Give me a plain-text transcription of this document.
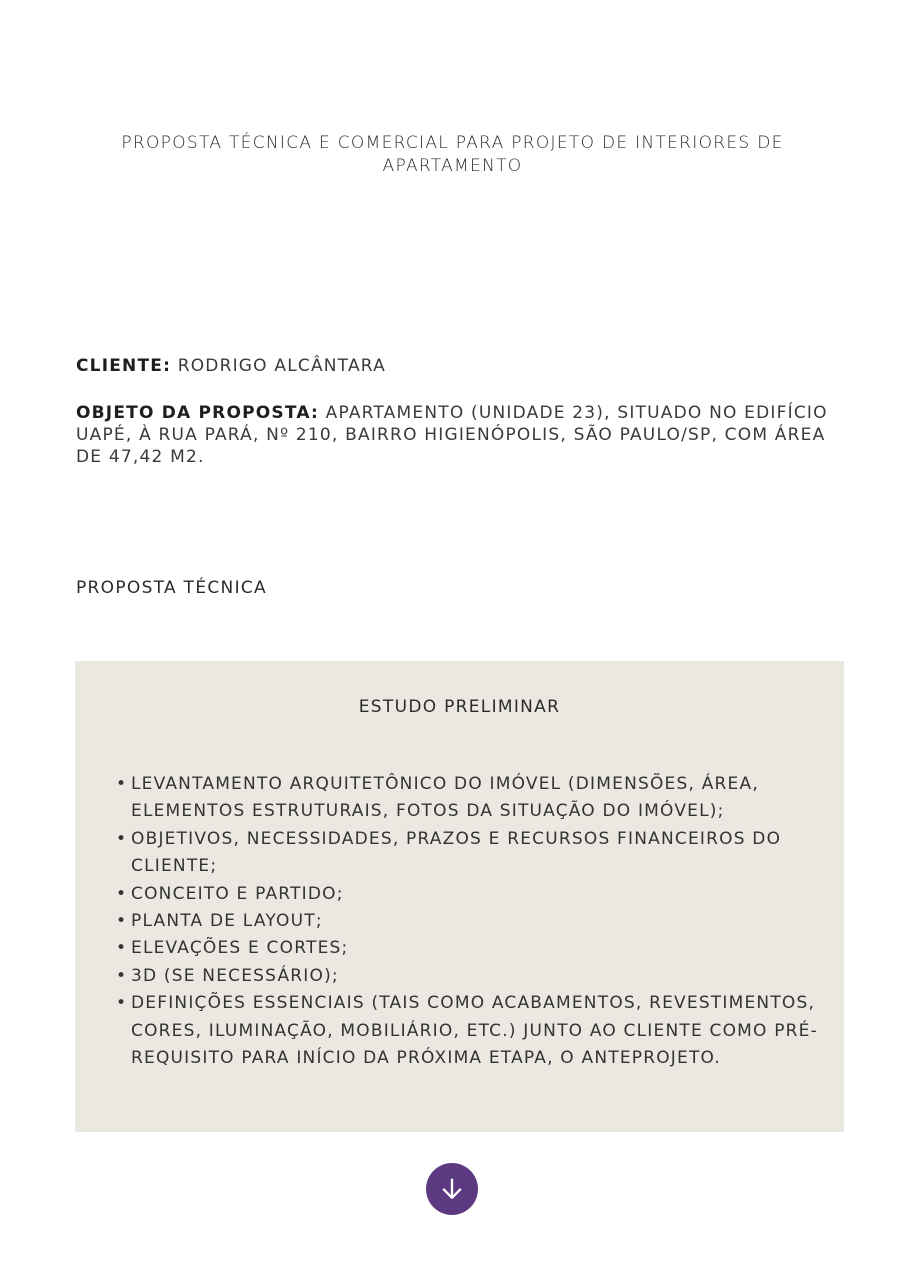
PROPOSTA TÉCNICA E COMERCIAL PARA PROJETO DE INTERIORES DE APARTAMENTO

CLIENTE: RODRIGO ALCÂNTARA

OBJETO DA PROPOSTA: APARTAMENTO (UNIDADE 23), SITUADO NO EDIFÍCIO UAPÉ, À RUA PARÁ, Nº 210, BAIRRO HIGIENÓPOLIS, SÃO PAULO/SP, COM ÁREA DE 47,42 M2.

PROPOSTA TÉCNICA
ESTUDO PRELIMINAR
• LEVANTAMENTO ARQUITETÔNICO DO IMÓVEL (DIMENSÕES, ÁREA, ELEMENTOS ESTRUTURAIS, FOTOS DA SITUAÇÃO DO IMÓVEL);
• OBJETIVOS, NECESSIDADES, PRAZOS E RECURSOS FINANCEIROS DO CLIENTE;
• CONCEITO E PARTIDO;
• PLANTA DE LAYOUT;
• ELEVAÇÕES E CORTES;
• 3D (SE NECESSÁRIO);
• DEFINIÇÕES ESSENCIAIS (TAIS COMO ACABAMENTOS, REVESTIMENTOS, CORES, ILUMINAÇÃO, MOBILIÁRIO, ETC.) JUNTO AO CLIENTE COMO PRÉ-REQUISITO PARA INÍCIO DA PRÓXIMA ETAPA, O ANTEPROJETO.
